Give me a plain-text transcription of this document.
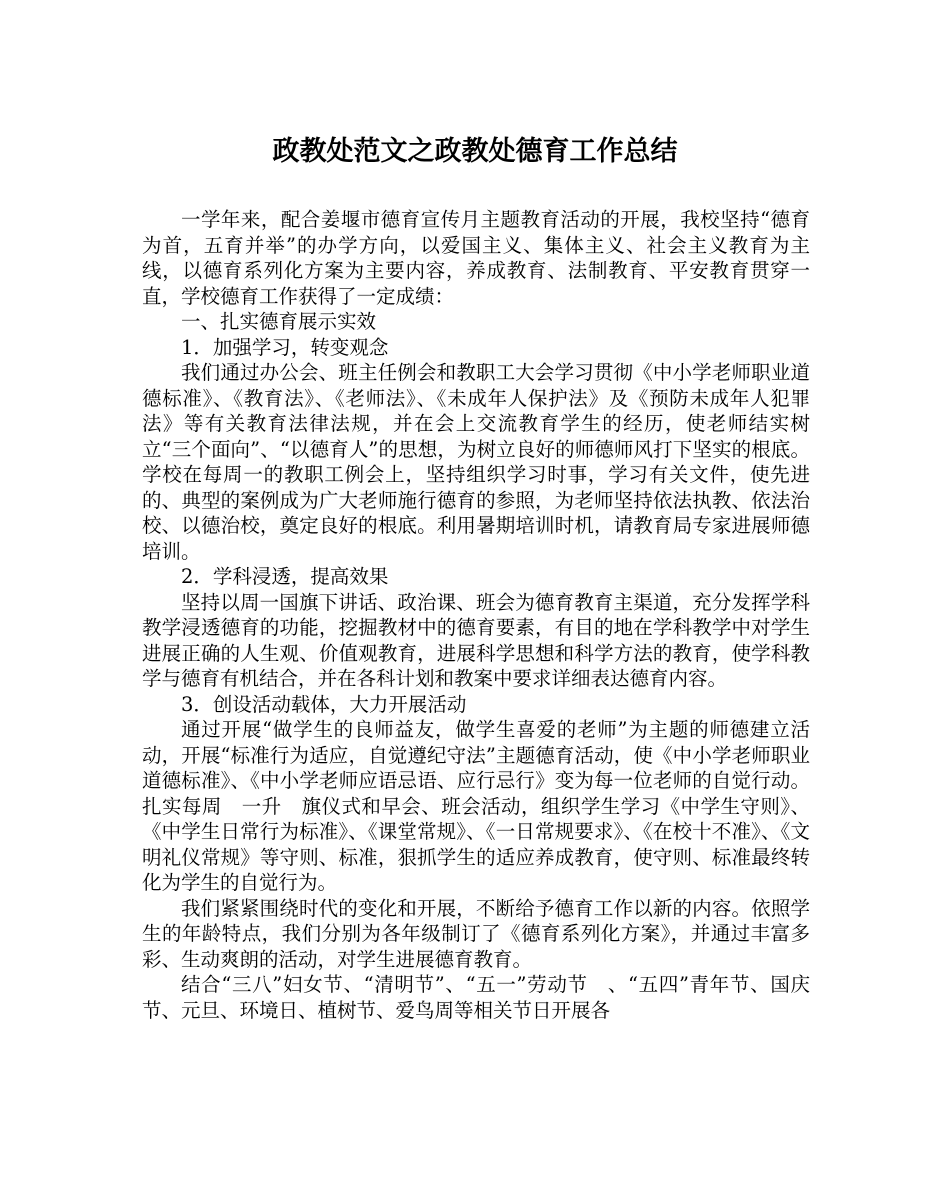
政教处范文之政教处德育工作总结

一学年来，配合姜堰市德育宣传月主题教育活动的开展，我校坚持“德育为首，五育并举”的办学方向，以爱国主义、集体主义、社会主义教育为主线，以德育系列化方案为主要内容，养成教育、法制教育、平安教育贯穿一直，学校德育工作获得了一定成绩：

一、扎实德育展示实效

1．加强学习，转变观念

我们通过办公会、班主任例会和教职工大会学习贯彻《中小学老师职业道德标准》、《教育法》、《老师法》、《未成年人保护法》及《预防未成年人犯罪法》等有关教育法律法规，并在会上交流教育学生的经历，使老师结实树立“三个面向”、“以德育人”的思想，为树立良好的师德师风打下坚实的根底。学校在每周一的教职工例会上，坚持组织学习时事，学习有关文件，使先进的、典型的案例成为广大老师施行德育的参照，为老师坚持依法执教、依法治校、以德治校，奠定良好的根底。利用暑期培训时机，请教育局专家进展师德培训。

2．学科浸透，提高效果

坚持以周一国旗下讲话、政治课、班会为德育教育主渠道，充分发挥学科教学浸透德育的功能，挖掘教材中的德育要素，有目的地在学科教学中对学生进展正确的人生观、价值观教育，进展科学思想和科学方法的教育，使学科教学与德育有机结合，并在各科计划和教案中要求详细表达德育内容。

3．创设活动载体，大力开展活动

通过开展“做学生的良师益友，做学生喜爱的老师”为主题的师德建立活动，开展“标准行为适应，自觉遵纪守法”主题德育活动，使《中小学老师职业道德标准》、《中小学老师应语忌语、应行忌行》变为每一位老师的自觉行动。扎实每周　一升　旗仪式和早会、班会活动，组织学生学习《中学生守则》、《中学生日常行为标准》、《课堂常规》、《一日常规要求》、《在校十不准》、《文明礼仪常规》等守则、标准，狠抓学生的适应养成教育，使守则、标准最终转化为学生的自觉行为。

我们紧紧围绕时代的变化和开展，不断给予德育工作以新的内容。依照学生的年龄特点，我们分别为各年级制订了《德育系列化方案》，并通过丰富多彩、生动爽朗的活动，对学生进展德育教育。

结合“三八”妇女节、“清明节”、“五一”劳动节　、“五四”青年节、国庆节、元旦、环境日、植树节、爱鸟周等相关节日开展各
